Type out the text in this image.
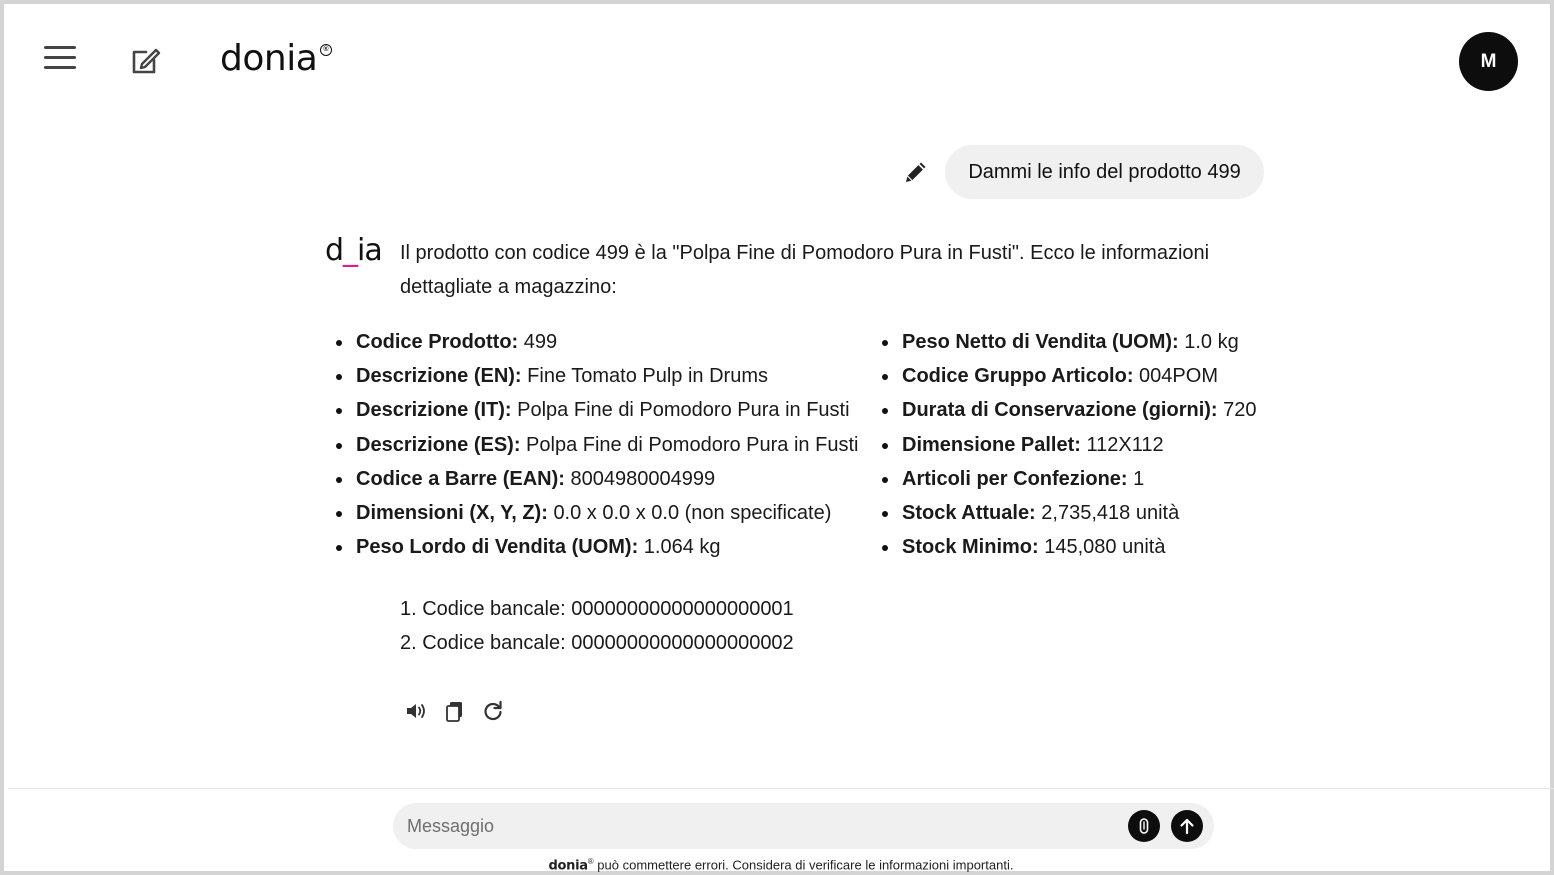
donia ®
M
Dammi le info del prodotto 499
d_ia Il prodotto con codice 499 è la "Polpa Fine di Pomodoro Pura in Fusti". Ecco le informazioni dettagliate a magazzino:

Codice Prodotto: 499
Descrizione (EN): Fine Tomato Pulp in Drums
Descrizione (IT): Polpa Fine di Pomodoro Pura in Fusti
Descrizione (ES): Polpa Fine di Pomodoro Pura in Fusti
Codice a Barre (EAN): 8004980004999
Dimensioni (X, Y, Z): 0.0 x 0.0 x 0.0 (non specificate)
Peso Lordo di Vendita (UOM): 1.064 kg
Peso Netto di Vendita (UOM): 1.0 kg
Codice Gruppo Articolo: 004POM
Durata di Conservazione (giorni): 720
Dimensione Pallet: 112X112
Articoli per Confezione: 1
Stock Attuale: 2,735,418 unità
Stock Minimo: 145,080 unità
1. Codice bancale: 00000000000000000001
2. Codice bancale: 00000000000000000002
Messaggio
donia® può commettere errori. Considera di verificare le informazioni importanti.
